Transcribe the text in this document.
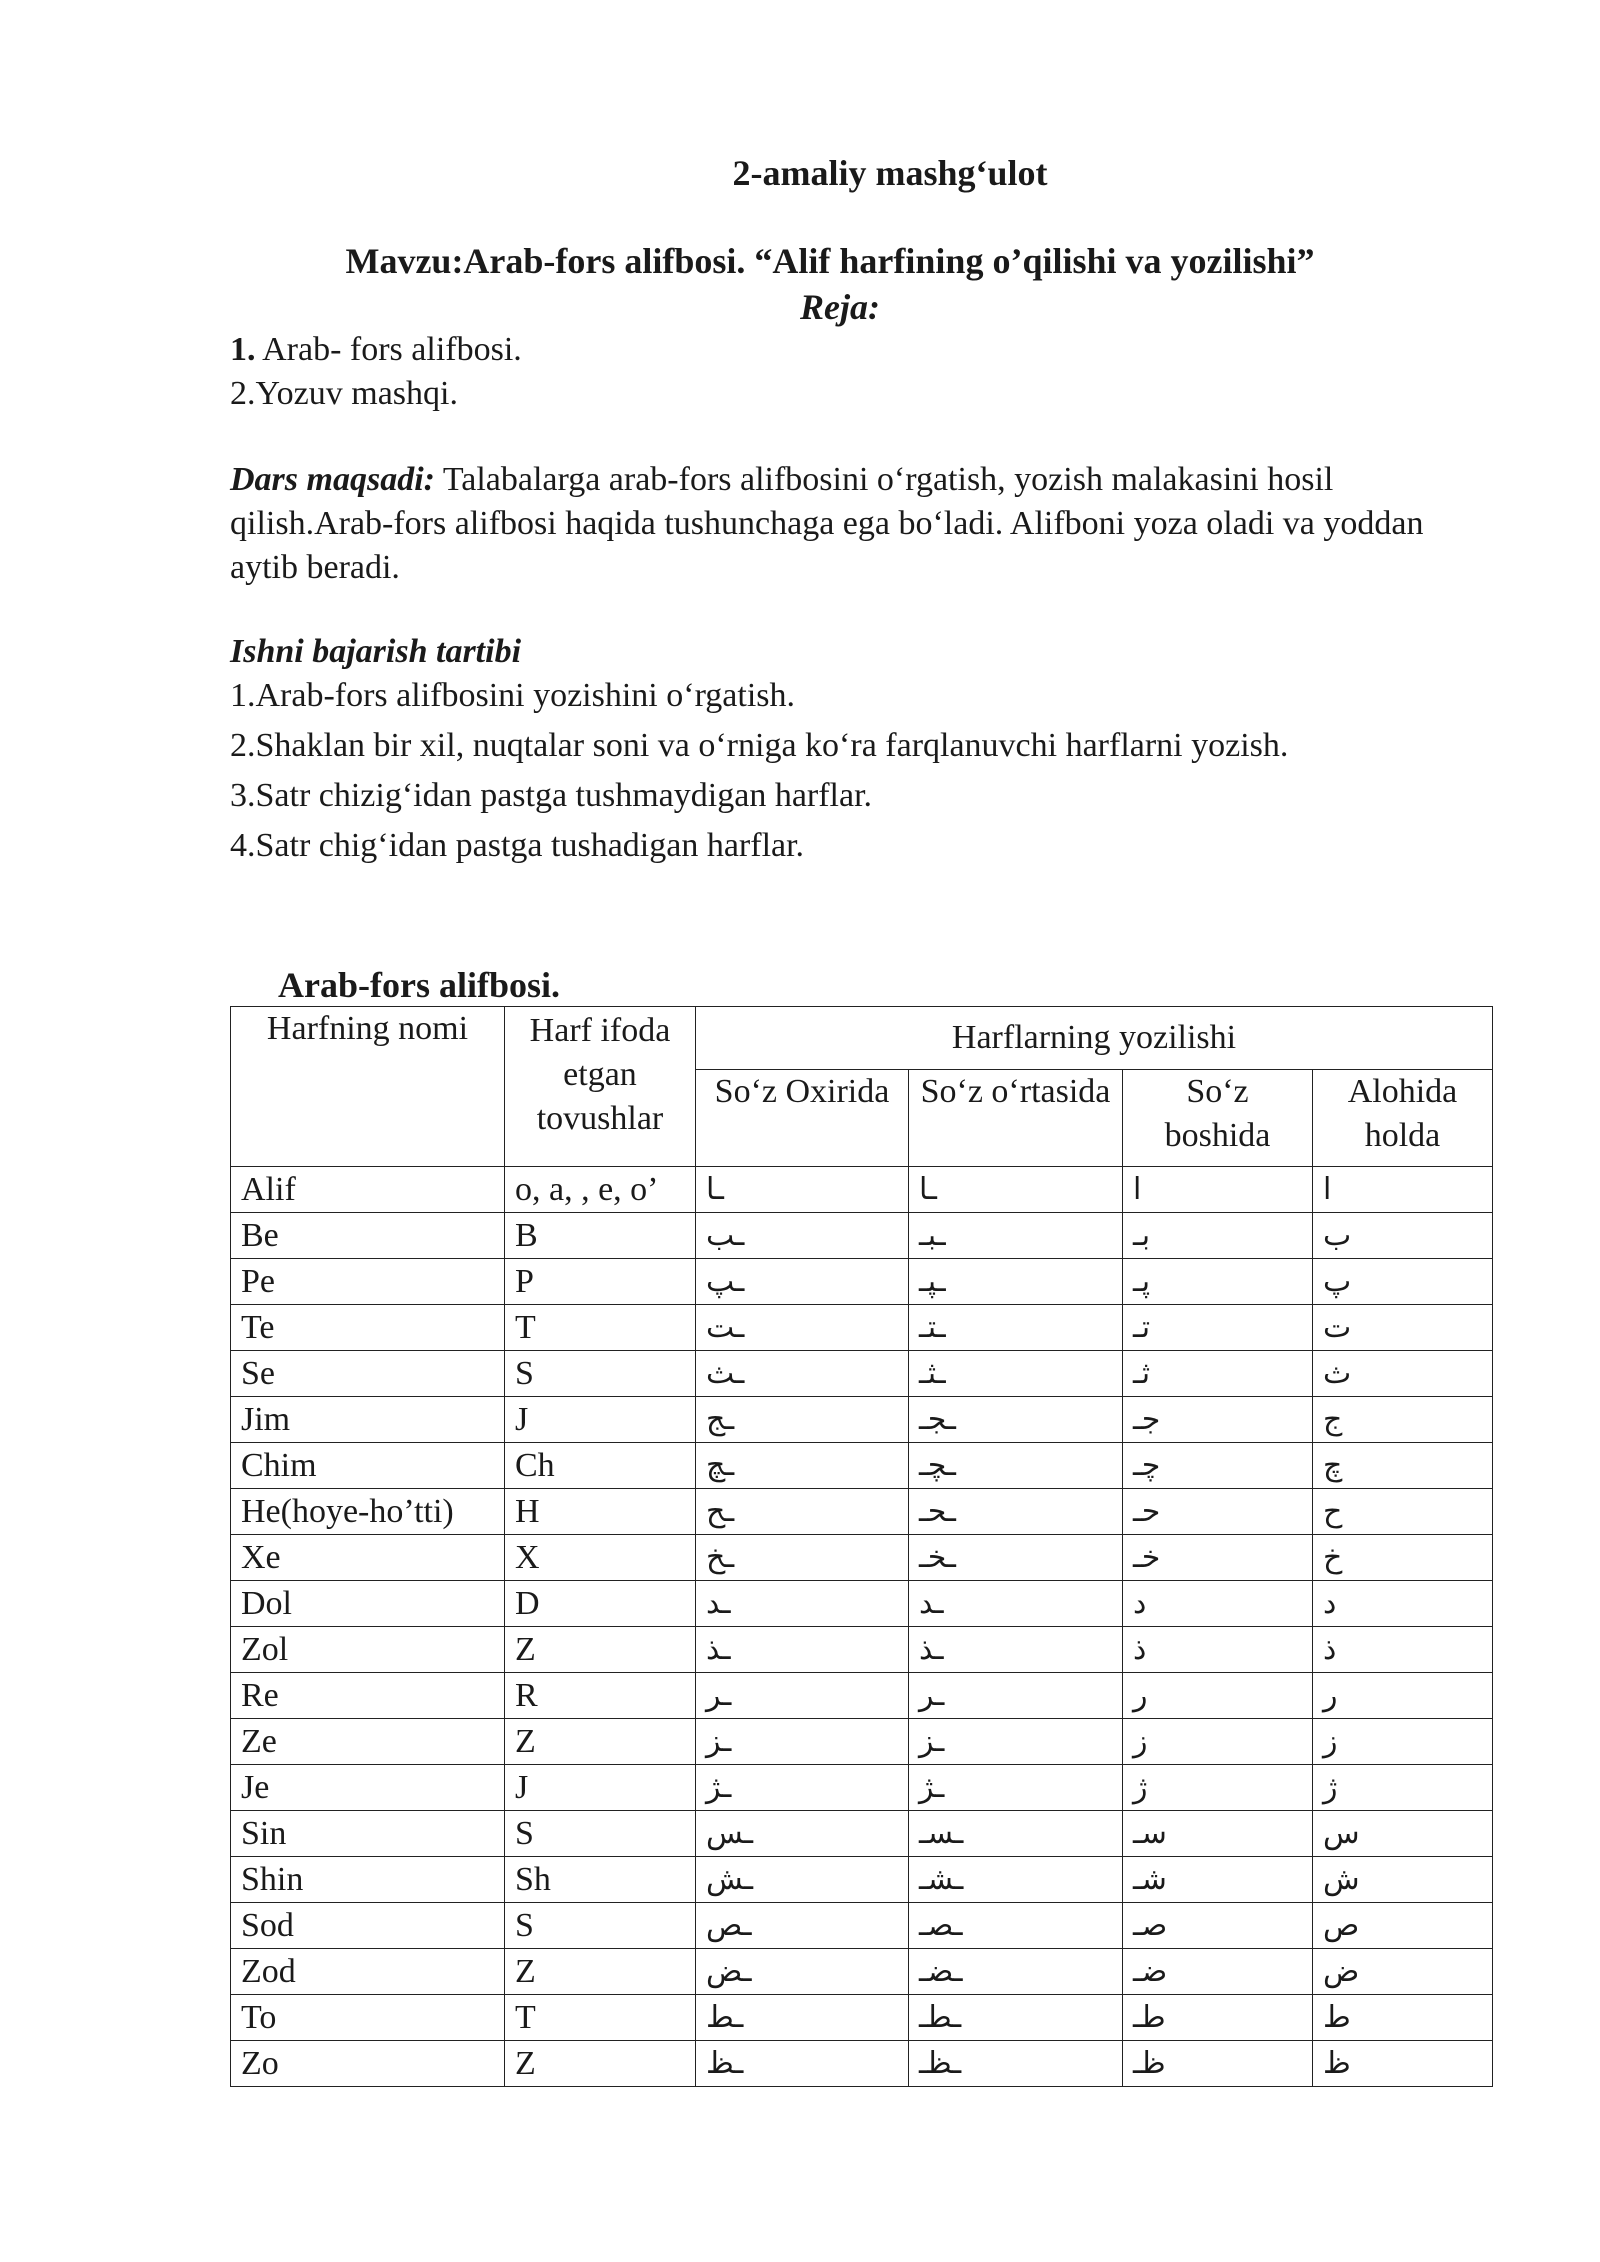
2-amaliy mashg‘ulot
Mavzu:Arab-fors alifbosi. “Alif harfining o’qilishi va yozilishi”
Reja:
1. Arab- fors alifbosi.
2.Yozuv mashqi.
Dars maqsadi: Talabalarga arab-fors alifbosini o‘rgatish, yozish malakasini hosil qilish.Arab-fors alifbosi haqida tushunchaga ega bo‘ladi. Alifboni yoza oladi va yoddan aytib beradi.
Ishni bajarish tartibi
1.Arab-fors alifbosini yozishini o‘rgatish.
2.Shaklan bir xil, nuqtalar soni va o‘rniga ko‘ra farqlanuvchi harflarni yozish.
3.Satr chizig‘idan pastga tushmaydigan harflar.
4.Satr chig‘idan pastga tushadigan harflar.
Arab-fors alifbosi.
Harfning nomi	Harf ifoda etgan tovushlar	Harflarning yozilishi			
		So‘z Oxirida	So‘z o‘rtasida	So‘z boshida	Alohida holda
Alif	o, a, , e, o’	ـا	ـا	ا	ا
Be	B	ـب	ـبـ	بـ	ب
Pe	P	ـپ	ـپـ	پـ	پ
Te	T	ـت	ـتـ	تـ	ت
Se	S	ـث	ـثـ	ثـ	ث
Jim	J	ـج	ـجـ	جـ	ج
Chim	Ch	ـچ	ـچـ	چـ	چ
He(hoye-ho’tti)	H	ـح	ـحـ	حـ	ح
Xe	X	ـخ	ـخـ	خـ	خ
Dol	D	ـد	ـد	د	د
Zol	Z	ـذ	ـذ	ذ	ذ
Re	R	ـر	ـر	ر	ر
Ze	Z	ـز	ـز	ز	ز
Je	J	ـژ	ـژ	ژ	ژ
Sin	S	ـس	ـسـ	سـ	س
Shin	Sh	ـش	ـشـ	شـ	ش
Sod	S	ـص	ـصـ	صـ	ص
Zod	Z	ـض	ـضـ	ضـ	ض
To	T	ـط	ـطـ	طـ	ط
Zo	Z	ـظ	ـظـ	ظـ	ظ
